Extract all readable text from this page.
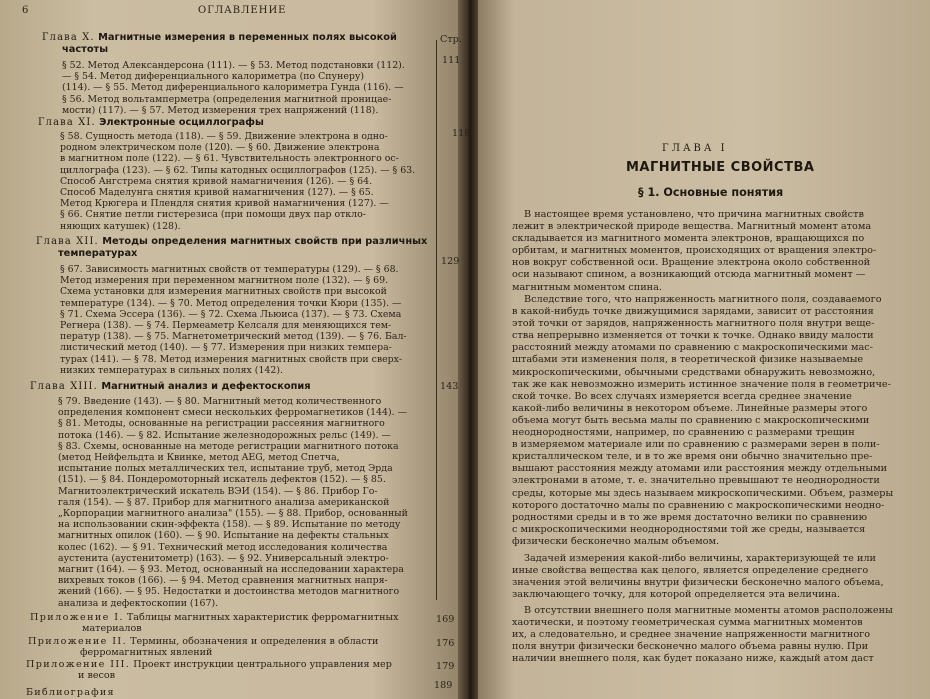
6	ОГЛАВЛЕНИЕ
Стр.
Глава X. Магнитные измерения в переменных полях высокой
частоты
111
§ 52. Метод Александерсона (111). — § 53. Метод подстановки (112).
— § 54. Метод диференциального калориметра (по Спунеру)
(114). — § 55. Метод диференциального калориметра Гунда (116). —
§ 56. Метод вольтамперметра (определения магнитной проницае-
мости) (117). — § 57. Метод измерения трех напряжений (118).
Глава XI. Электронные осциллографы
118
§ 58. Сущность метода (118). — § 59. Движение электрона в одно-
родном электрическом поле (120). — § 60. Движение электрона
в магнитном поле (122). — § 61. Чувствительность электронного ос-
циллографа (123). — § 62. Типы катодных осциллографов (125). — § 63.
Способ Ангстрема снятия кривой намагничения (126). — § 64.
Способ Маделунга снятия кривой намагничения (127). — § 65.
Метод Крюгера и Плендля снятия кривой намагничения (127). —
§ 66. Снятие петли гистерезиса (при помощи двух пар откло-
няющих катушек) (128).
Глава XII. Методы определения магнитных свойств при различных
температурах
129
§ 67. Зависимость магнитных свойств от температуры (129). — § 68.
Метод измерения при переменном магнитном поле (132). — § 69.
Схема установки для измерения магнитных свойств при высокой
температуре (134). — § 70. Метод определения точки Кюри (135). —
§ 71. Схема Эссера (136). — § 72. Схема Льюиса (137). — § 73. Схема
Регнера (138). — § 74. Пермеаметр Келсаля для меняющихся тем-
ператур (138). — § 75. Магнетометрический метод (139). — § 76. Бал-
листический метод (140). — § 77. Измерения при низких темпера-
турах (141). — § 78. Метод измерения магнитных свойств при сверх-
низких температурах в сильных полях (142).
Глава XIII. Магнитный анализ и дефектоскопия	143
§ 79. Введение (143). — § 80. Магнитный метод количественного
определения компонент смеси нескольких ферромагнетиков (144). —
§ 81. Методы, основанные на регистрации рассеяния магнитного
потока (146). — § 82. Испытание железнодорожных рельс (149). —
§ 83. Схемы, основанные на методе регистрации магнитного потока
(метод Нейфельдта и Квинке, метод AEG, метод Спетча,
испытание полых металлических тел, испытание труб, метод Эрда
(151). — § 84. Пондеромоторный искатель дефектов (152). — § 85.
Магнитоэлектрический искатель ВЭИ (154). — § 86. Прибор Го-
галя (154). — § 87. Прибор для магнитного анализа американской
„Корпорации магнитного анализа" (155). — § 88. Прибор, основанный
на использовании скин-эффекта (158). — § 89. Испытание по методу
магнитных опилок (160). — § 90. Испытание на дефекты стальных
колес (162). — § 91. Технический метод исследования количества
аустенита (аустенитометр) (163). — § 92. Универсальный электро-
магнит (164). — § 93. Метод, основанный на исследовании характера
вихревых токов (166). — § 94. Метод сравнения магнитных напря-
жений (166). — § 95. Недостатки и достоинства методов магнитного
анализа и дефектоскопии (167).
Приложение I. Таблицы магнитных характеристик ферромагнитных
материалов
169
Приложение II. Термины, обозначения и определения в области
ферромагнитных явлений
176
Приложение III. Проект инструкции центрального управления мер
и весов
179
Библиография
189
ГЛАВА I
МАГНИТНЫЕ СВОЙСТВА
§ 1. Основные понятия
В настоящее время установлено, что причина магнитных свойств
лежит в электрической природе вещества. Магнитный момент атома
складывается из магнитного момента электронов, вращающихся по
орбитам, и магнитных моментов, происходящих от вращения электро-
нов вокруг собственной оси. Вращение электрона около собственной
оси называют спином, а возникающий отсюда магнитный момент —
магнитным моментом спина.
Вследствие того, что напряженность магнитного поля, создаваемого
в какой-нибудь точке движущимися зарядами, зависит от расстояния
этой точки от зарядов, напряженность магнитного поля внутри веще-
ства непрерывно изменяется от точки к точке. Однако ввиду малости
расстояний между атомами по сравнению с макроскопическими мас-
штабами эти изменения поля, в теоретической физике называемые
микроскопическими, обычными средствами обнаружить невозможно,
так же как невозможно измерить истинное значение поля в геометриче-
ской точке. Во всех случаях измеряется всегда среднее значение
какой-либо величины в некотором объеме. Линейные размеры этого
объема могут быть весьма малы по сравнению с макроскопическими
неоднородностями, например, по сравнению с размерами трещин
в измеряемом материале или по сравнению с размерами зерен в поли-
кристаллическом теле, и в то же время они обычно значительно пре-
вышают расстояния между атомами или расстояния между отдельными
электронами в атоме, т. е. значительно превышают те неоднородности
среды, которые мы здесь называем микроскопическими. Объем, размеры
которого достаточно малы по сравнению с макроскопическими неодно-
родностями среды и в то же время достаточно велики по сравнению
с микроскопическими неоднородностями той же среды, называется
физически бесконечно малым объемом.
Задачей измерения какой-либо величины, характеризующей те или
иные свойства вещества как целого, является определение среднего
значения этой величины внутри физически бесконечно малого объема,
заключающего точку, для которой определяется эта величина.
В отсутствии внешнего поля магнитные моменты атомов расположены
хаотически, и поэтому геометрическая сумма магнитных моментов
их, а следовательно, и среднее значение напряженности магнитного
поля внутри физически бесконечно малого объема равны нулю. При
наличии внешнего поля, как будет показано ниже, каждый атом даст
